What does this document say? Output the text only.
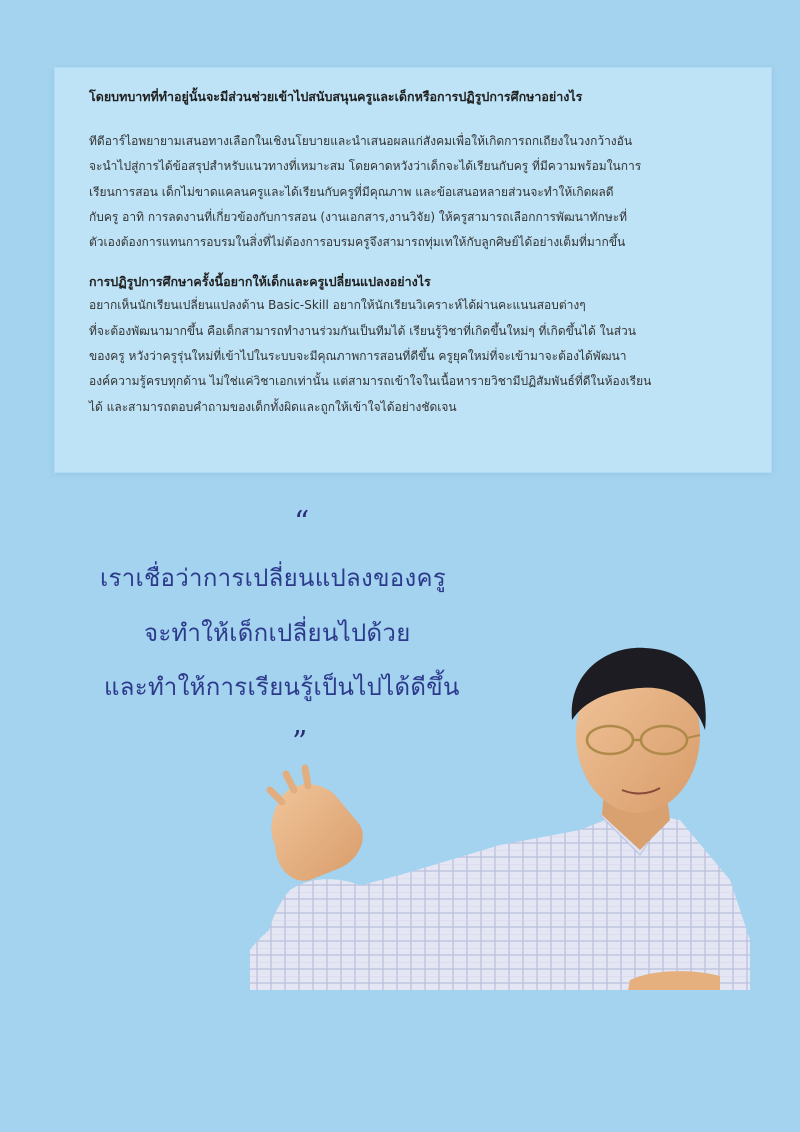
โดยบทบาทที่ทำอยู่นั้นจะมีส่วนช่วยเข้าไปสนับสนุนครูและเด็กหรือการปฏิรูปการศึกษาอย่างไร

ทีดีอาร์ไอพยายามเสนอทางเลือกในเชิงนโยบายและนำเสนอผลแก่สังคมเพื่อให้เกิดการถกเถียงในวงกว้างอัน
จะนำไปสู่การได้ข้อสรุปสำหรับแนวทางที่เหมาะสม โดยคาดหวังว่าเด็กจะได้เรียนกับครู ที่มีความพร้อมในการ
เรียนการสอน เด็กไม่ขาดแคลนครูและได้เรียนกับครูที่มีคุณภาพ และข้อเสนอหลายส่วนจะทำให้เกิดผลดี
กับครู อาทิ การลดงานที่เกี่ยวข้องกับการสอน (งานเอกสาร,งานวิจัย) ให้ครูสามารถเลือกการพัฒนาทักษะที่
ตัวเองต้องการแทนการอบรมในสิ่งที่ไม่ต้องการอบรมครูจึงสามารถทุ่มเทให้กับลูกศิษย์ได้อย่างเต็มที่มากขึ้น

การปฏิรูปการศึกษาครั้งนี้อยากให้เด็กและครูเปลี่ยนแปลงอย่างไร

อยากเห็นนักเรียนเปลี่ยนแปลงด้าน Basic-Skill อยากให้นักเรียนวิเคราะห์ได้ผ่านคะแนนสอบต่างๆ
ที่จะต้องพัฒนามากขึ้น คือเด็กสามารถทำงานร่วมกันเป็นทีมได้ เรียนรู้วิชาที่เกิดขึ้นใหม่ๆ ที่เกิดขึ้นได้ ในส่วน
ของครู หวังว่าครูรุ่นใหม่ที่เข้าไปในระบบจะมีคุณภาพการสอนที่ดีขึ้น ครูยุคใหม่ที่จะเข้ามาจะต้องได้พัฒนา
องค์ความรู้ครบทุกด้าน ไม่ใช่แค่วิชาเอกเท่านั้น แต่สามารถเข้าใจในเนื้อหารายวิชามีปฏิสัมพันธ์ที่ดีในห้องเรียน
ได้ และสามารถตอบคำถามของเด็กทั้งผิดและถูกให้เข้าใจได้อย่างชัดเจน

“
เราเชื่อว่าการเปลี่ยนแปลงของครู
จะทำให้เด็กเปลี่ยนไปด้วย
และทำให้การเรียนรู้เป็นไปได้ดีขึ้น
”
